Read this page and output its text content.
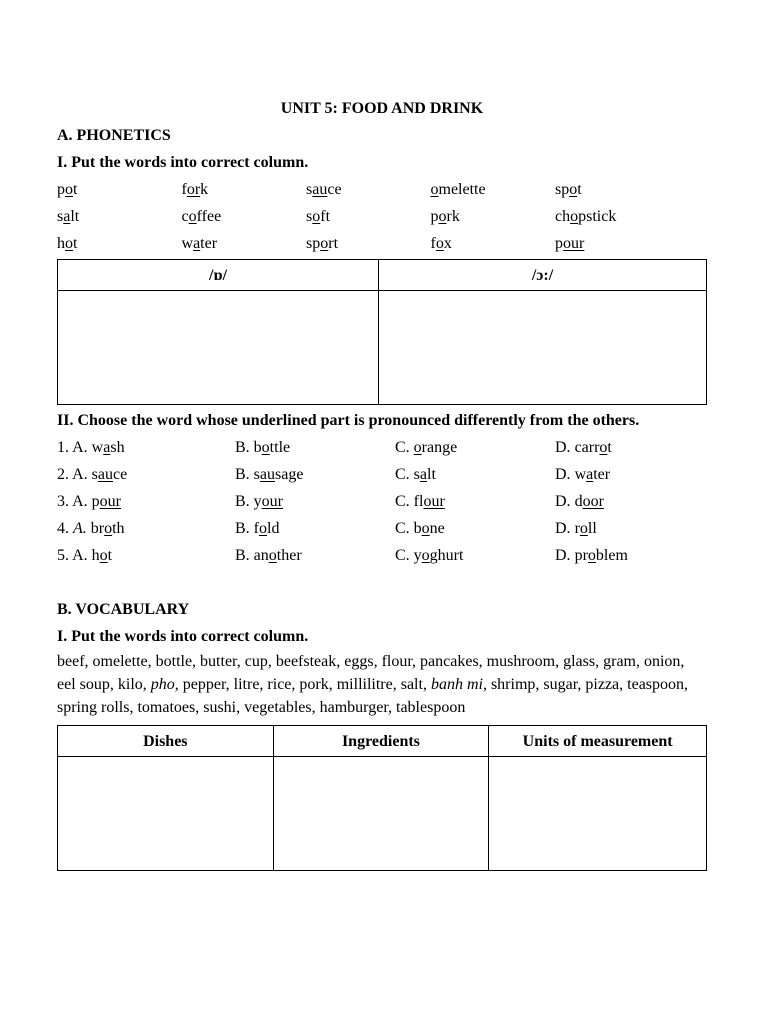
UNIT 5: FOOD AND DRINK
A. PHONETICS
I. Put the words into correct column.
pot	fork	sauce	omelette	spot
salt	coffee	soft	pork	chopstick
hot	water	sport	fox	pour
/ɒ/	/ɔ:/

II. Choose the word whose underlined part is pronounced differently from the others.
1. A. wash	B. bottle	C. orange	D. carrot
2. A. sauce	B. sausage	C. salt	D. water
3. A. pour	B. your	C. flour	D. door
4. A. broth	B. fold	C. bone	D. roll
5. A. hot	B. another	C. yoghurt	D. problem
B. VOCABULARY
I. Put the words into correct column.
beef, omelette, bottle, butter, cup, beefsteak, eggs, flour, pancakes, mushroom, glass, gram, onion, eel soup, kilo, pho, pepper, litre, rice, pork, millilitre, salt, banh mi, shrimp, sugar, pizza, teaspoon, spring rolls, tomatoes, sushi, vegetables, hamburger, tablespoon
Dishes	Ingredients	Units of measurement
